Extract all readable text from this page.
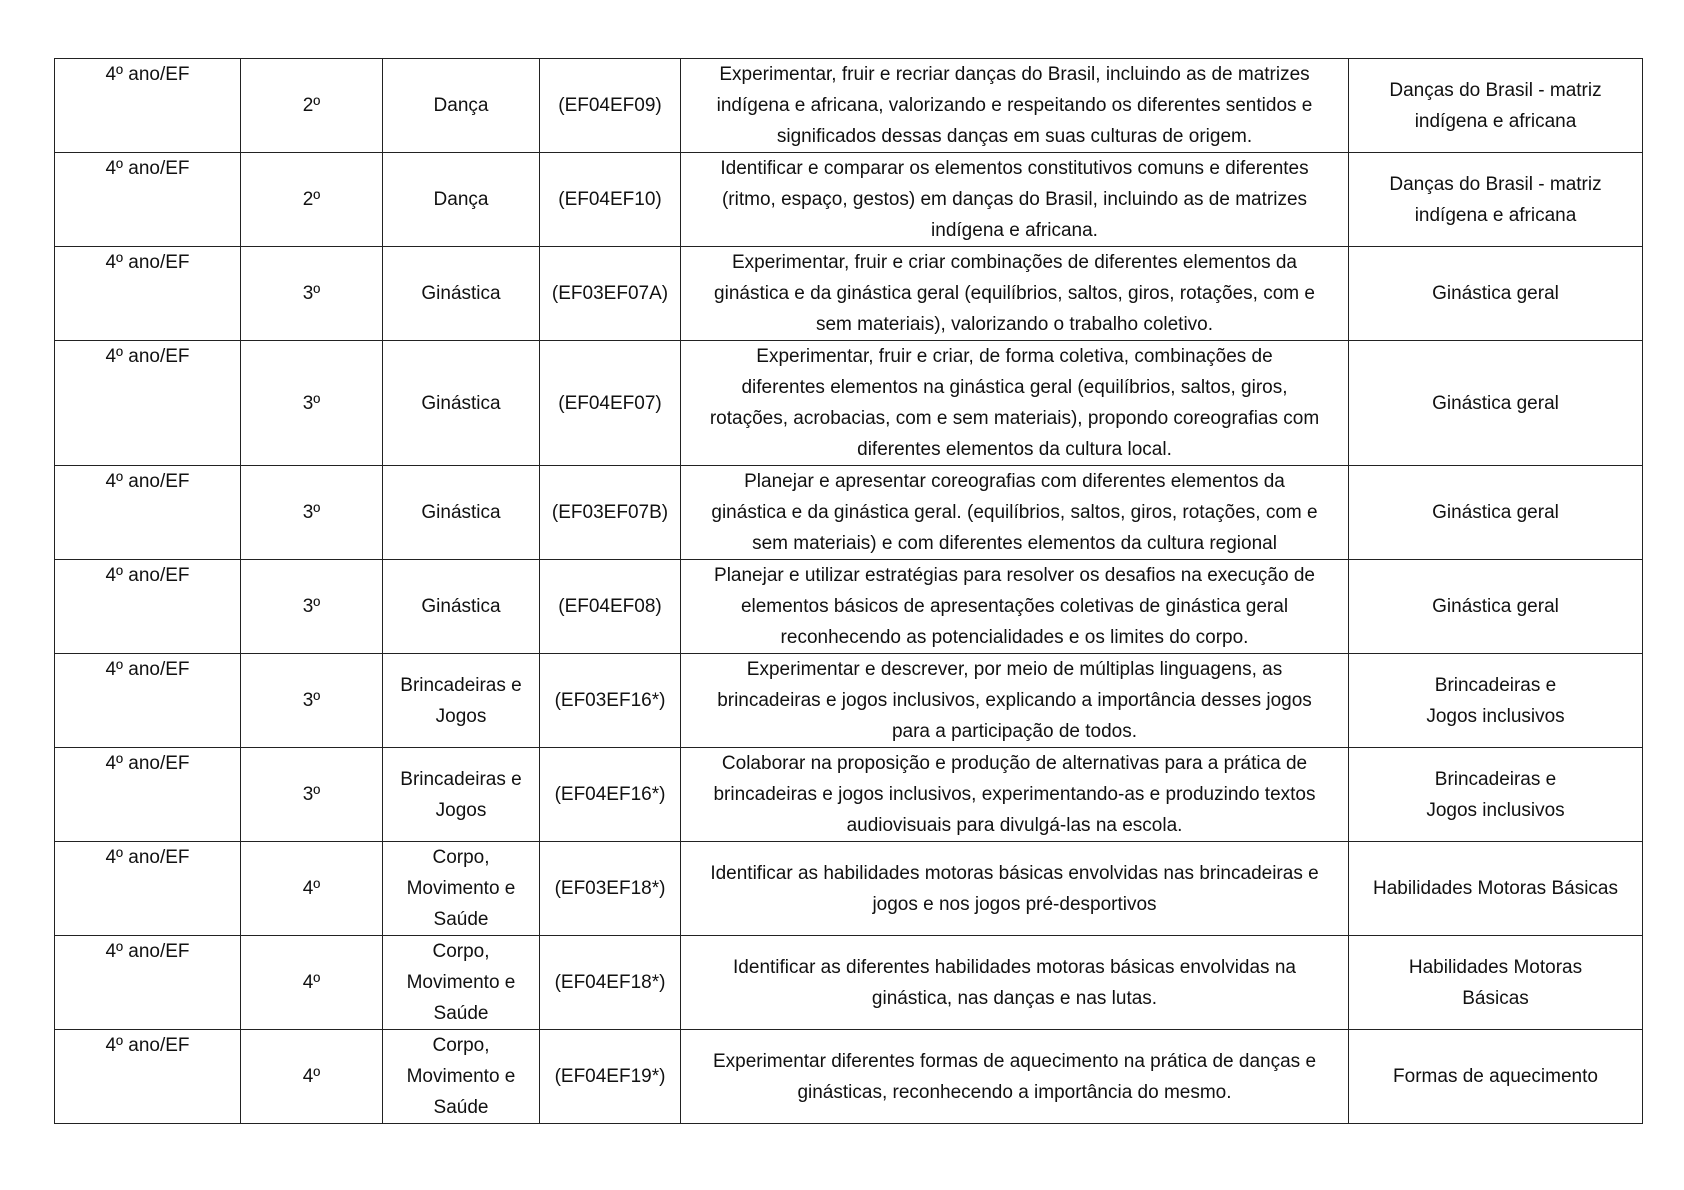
4º ano/EF	2º	Dança	(EF04EF09)	Experimentar, fruir e recriar danças do Brasil, incluindo as de matrizes
indígena e africana, valorizando e respeitando os diferentes sentidos e
significados dessas danças em suas culturas de origem.	Danças do Brasil - matriz
indígena e africana

4º ano/EF	2º	Dança	(EF04EF10)	Identificar e comparar os elementos constitutivos comuns e diferentes
(ritmo, espaço, gestos) em danças do Brasil, incluindo as de matrizes
indígena e africana.	Danças do Brasil - matriz
indígena e africana

4º ano/EF	3º	Ginástica	(EF03EF07A)	Experimentar, fruir e criar combinações de diferentes elementos da
ginástica e da ginástica geral (equilíbrios, saltos, giros, rotações, com e
sem materiais), valorizando o trabalho coletivo.	Ginástica geral

4º ano/EF	3º	Ginástica	(EF04EF07)	Experimentar, fruir e criar, de forma coletiva, combinações de
diferentes elementos na ginástica geral (equilíbrios, saltos, giros,
rotações, acrobacias, com e sem materiais), propondo coreografias com
diferentes elementos da cultura local.	Ginástica geral

4º ano/EF	3º	Ginástica	(EF03EF07B)	Planejar e apresentar coreografias com diferentes elementos da
ginástica e da ginástica geral. (equilíbrios, saltos, giros, rotações, com e
sem materiais) e com diferentes elementos da cultura regional	Ginástica geral

4º ano/EF	3º	Ginástica	(EF04EF08)	Planejar e utilizar estratégias para resolver os desafios na execução de
elementos básicos de apresentações coletivas de ginástica geral
reconhecendo as potencialidades e os limites do corpo.	Ginástica geral

4º ano/EF	3º	Brincadeiras e
Jogos	(EF03EF16*)	Experimentar e descrever, por meio de múltiplas linguagens, as
brincadeiras e jogos inclusivos, explicando a importância desses jogos
para a participação de todos.	Brincadeiras e
Jogos inclusivos

4º ano/EF	3º	Brincadeiras e
Jogos	(EF04EF16*)	Colaborar na proposição e produção de alternativas para a prática de
brincadeiras e jogos inclusivos, experimentando-as e produzindo textos
audiovisuais para divulgá-las na escola.	Brincadeiras e
Jogos inclusivos

4º ano/EF	4º	Corpo,
Movimento e
Saúde	(EF03EF18*)	Identificar as habilidades motoras básicas envolvidas nas brincadeiras e
jogos e nos jogos pré-desportivos	Habilidades Motoras Básicas

4º ano/EF	4º	Corpo,
Movimento e
Saúde	(EF04EF18*)	Identificar as diferentes habilidades motoras básicas envolvidas na
ginástica, nas danças e nas lutas.	Habilidades Motoras
Básicas

4º ano/EF	4º	Corpo,
Movimento e
Saúde	(EF04EF19*)	Experimentar diferentes formas de aquecimento na prática de danças e
ginásticas, reconhecendo a importância do mesmo.	Formas de aquecimento
